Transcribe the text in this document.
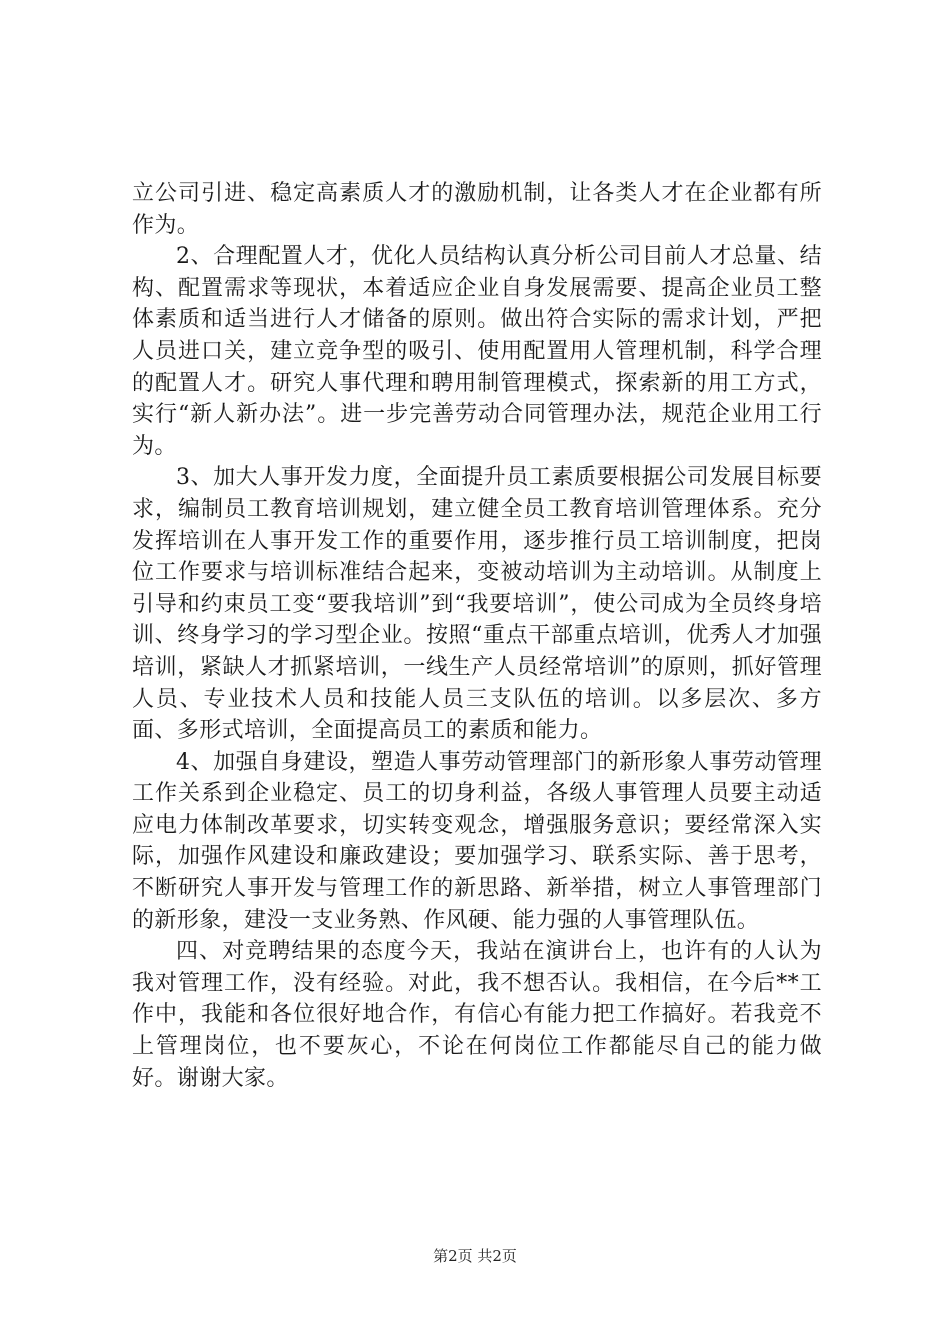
立公司引进、稳定高素质人才的激励机制，让各类人才在企业都有所作为。

2、合理配置人才，优化人员结构认真分析公司目前人才总量、结构、配置需求等现状，本着适应企业自身发展需要、提高企业员工整体素质和适当进行人才储备的原则。做出符合实际的需求计划，严把人员进口关，建立竞争型的吸引、使用配置用人管理机制，科学合理的配置人才。研究人事代理和聘用制管理模式，探索新的用工方式，实行“新人新办法”。进一步完善劳动合同管理办法，规范企业用工行为。

3、加大人事开发力度，全面提升员工素质要根据公司发展目标要求，编制员工教育培训规划，建立健全员工教育培训管理体系。充分发挥培训在人事开发工作的重要作用，逐步推行员工培训制度，把岗位工作要求与培训标准结合起来，变被动培训为主动培训。从制度上引导和约束员工变“要我培训”到“我要培训”，使公司成为全员终身培训、终身学习的学习型企业。按照“重点干部重点培训，优秀人才加强培训，紧缺人才抓紧培训，一线生产人员经常培训”的原则，抓好管理人员、专业技术人员和技能人员三支队伍的培训。以多层次、多方面、多形式培训，全面提高员工的素质和能力。

4、加强自身建设，塑造人事劳动管理部门的新形象人事劳动管理工作关系到企业稳定、员工的切身利益，各级人事管理人员要主动适应电力体制改革要求，切实转变观念，增强服务意识；要经常深入实际，加强作风建设和廉政建设；要加强学习、联系实际、善于思考，不断研究人事开发与管理工作的新思路、新举措，树立人事管理部门的新形象，建没一支业务熟、作风硬、能力强的人事管理队伍。

四、对竞聘结果的态度今天，我站在演讲台上，也许有的人认为我对管理工作，没有经验。对此，我不想否认。我相信，在今后**工作中，我能和各位很好地合作，有信心有能力把工作搞好。若我竞不上管理岗位，也不要灰心，不论在何岗位工作都能尽自己的能力做好。谢谢大家。

第2页 共2页
